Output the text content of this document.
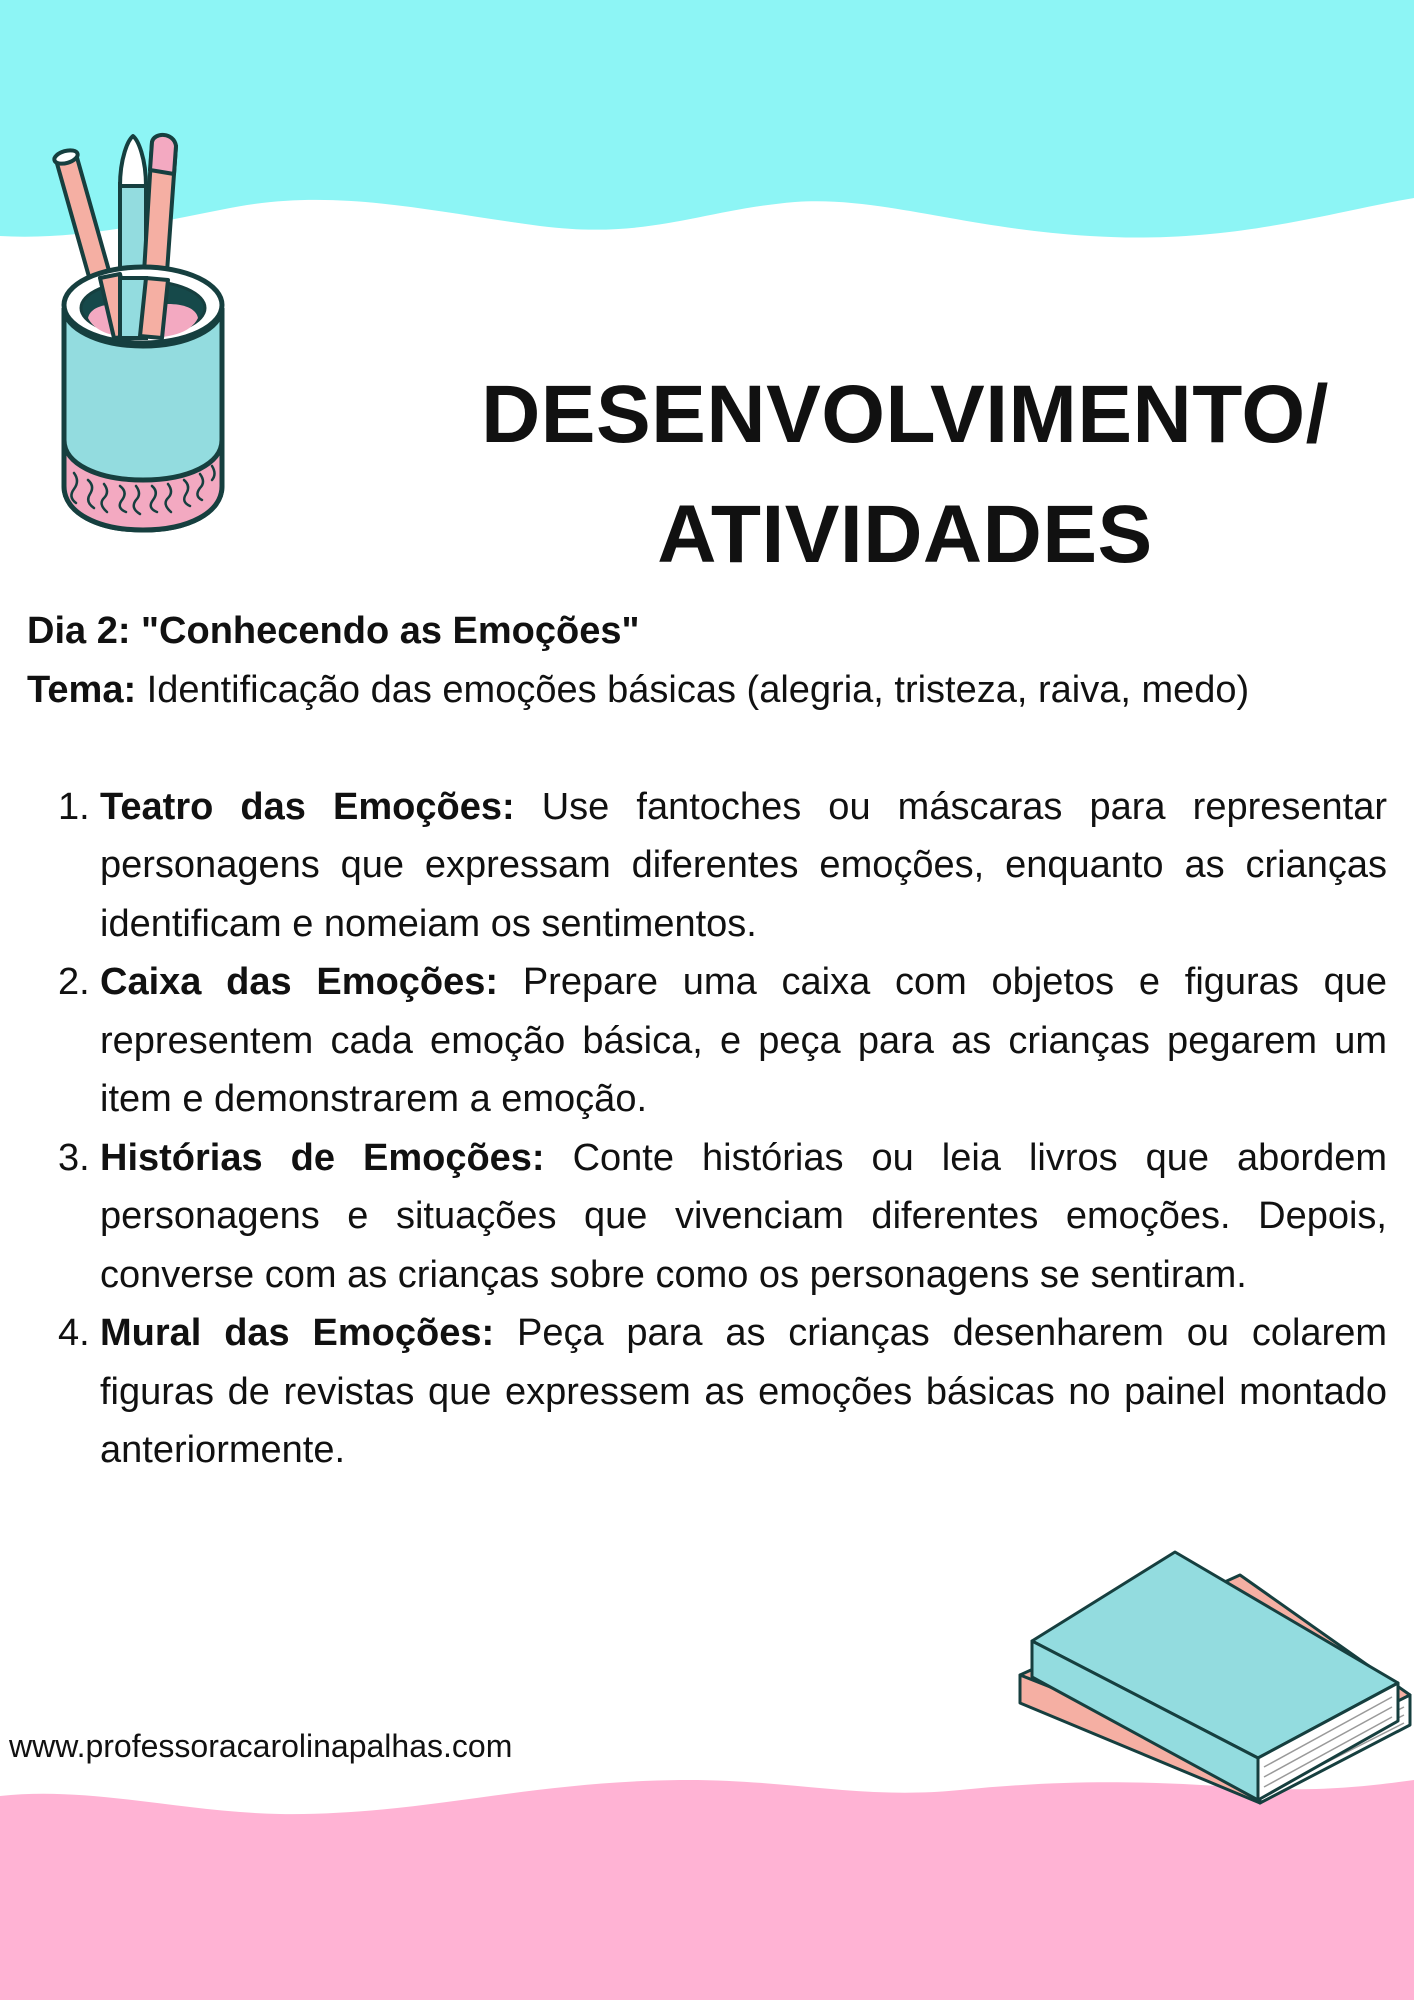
DESENVOLVIMENTO/
ATIVIDADES

Dia 2: "Conhecendo as Emoções"

Tema: Identificação das emoções básicas (alegria, tristeza, raiva, medo)

1. Teatro das Emoções: Use fantoches ou máscaras para representar personagens que expressam diferentes emoções, enquanto as crianças identificam e nomeiam os sentimentos.
2. Caixa das Emoções: Prepare uma caixa com objetos e figuras que representem cada emoção básica, e peça para as crianças pegarem um item e demonstrarem a emoção.
3. Histórias de Emoções: Conte histórias ou leia livros que abordem personagens e situações que vivenciam diferentes emoções. Depois, converse com as crianças sobre como os personagens se sentiram.
4. Mural das Emoções: Peça para as crianças desenharem ou colarem figuras de revistas que expressem as emoções básicas no painel montado anteriormente.
www.professoracarolinapalhas.com
